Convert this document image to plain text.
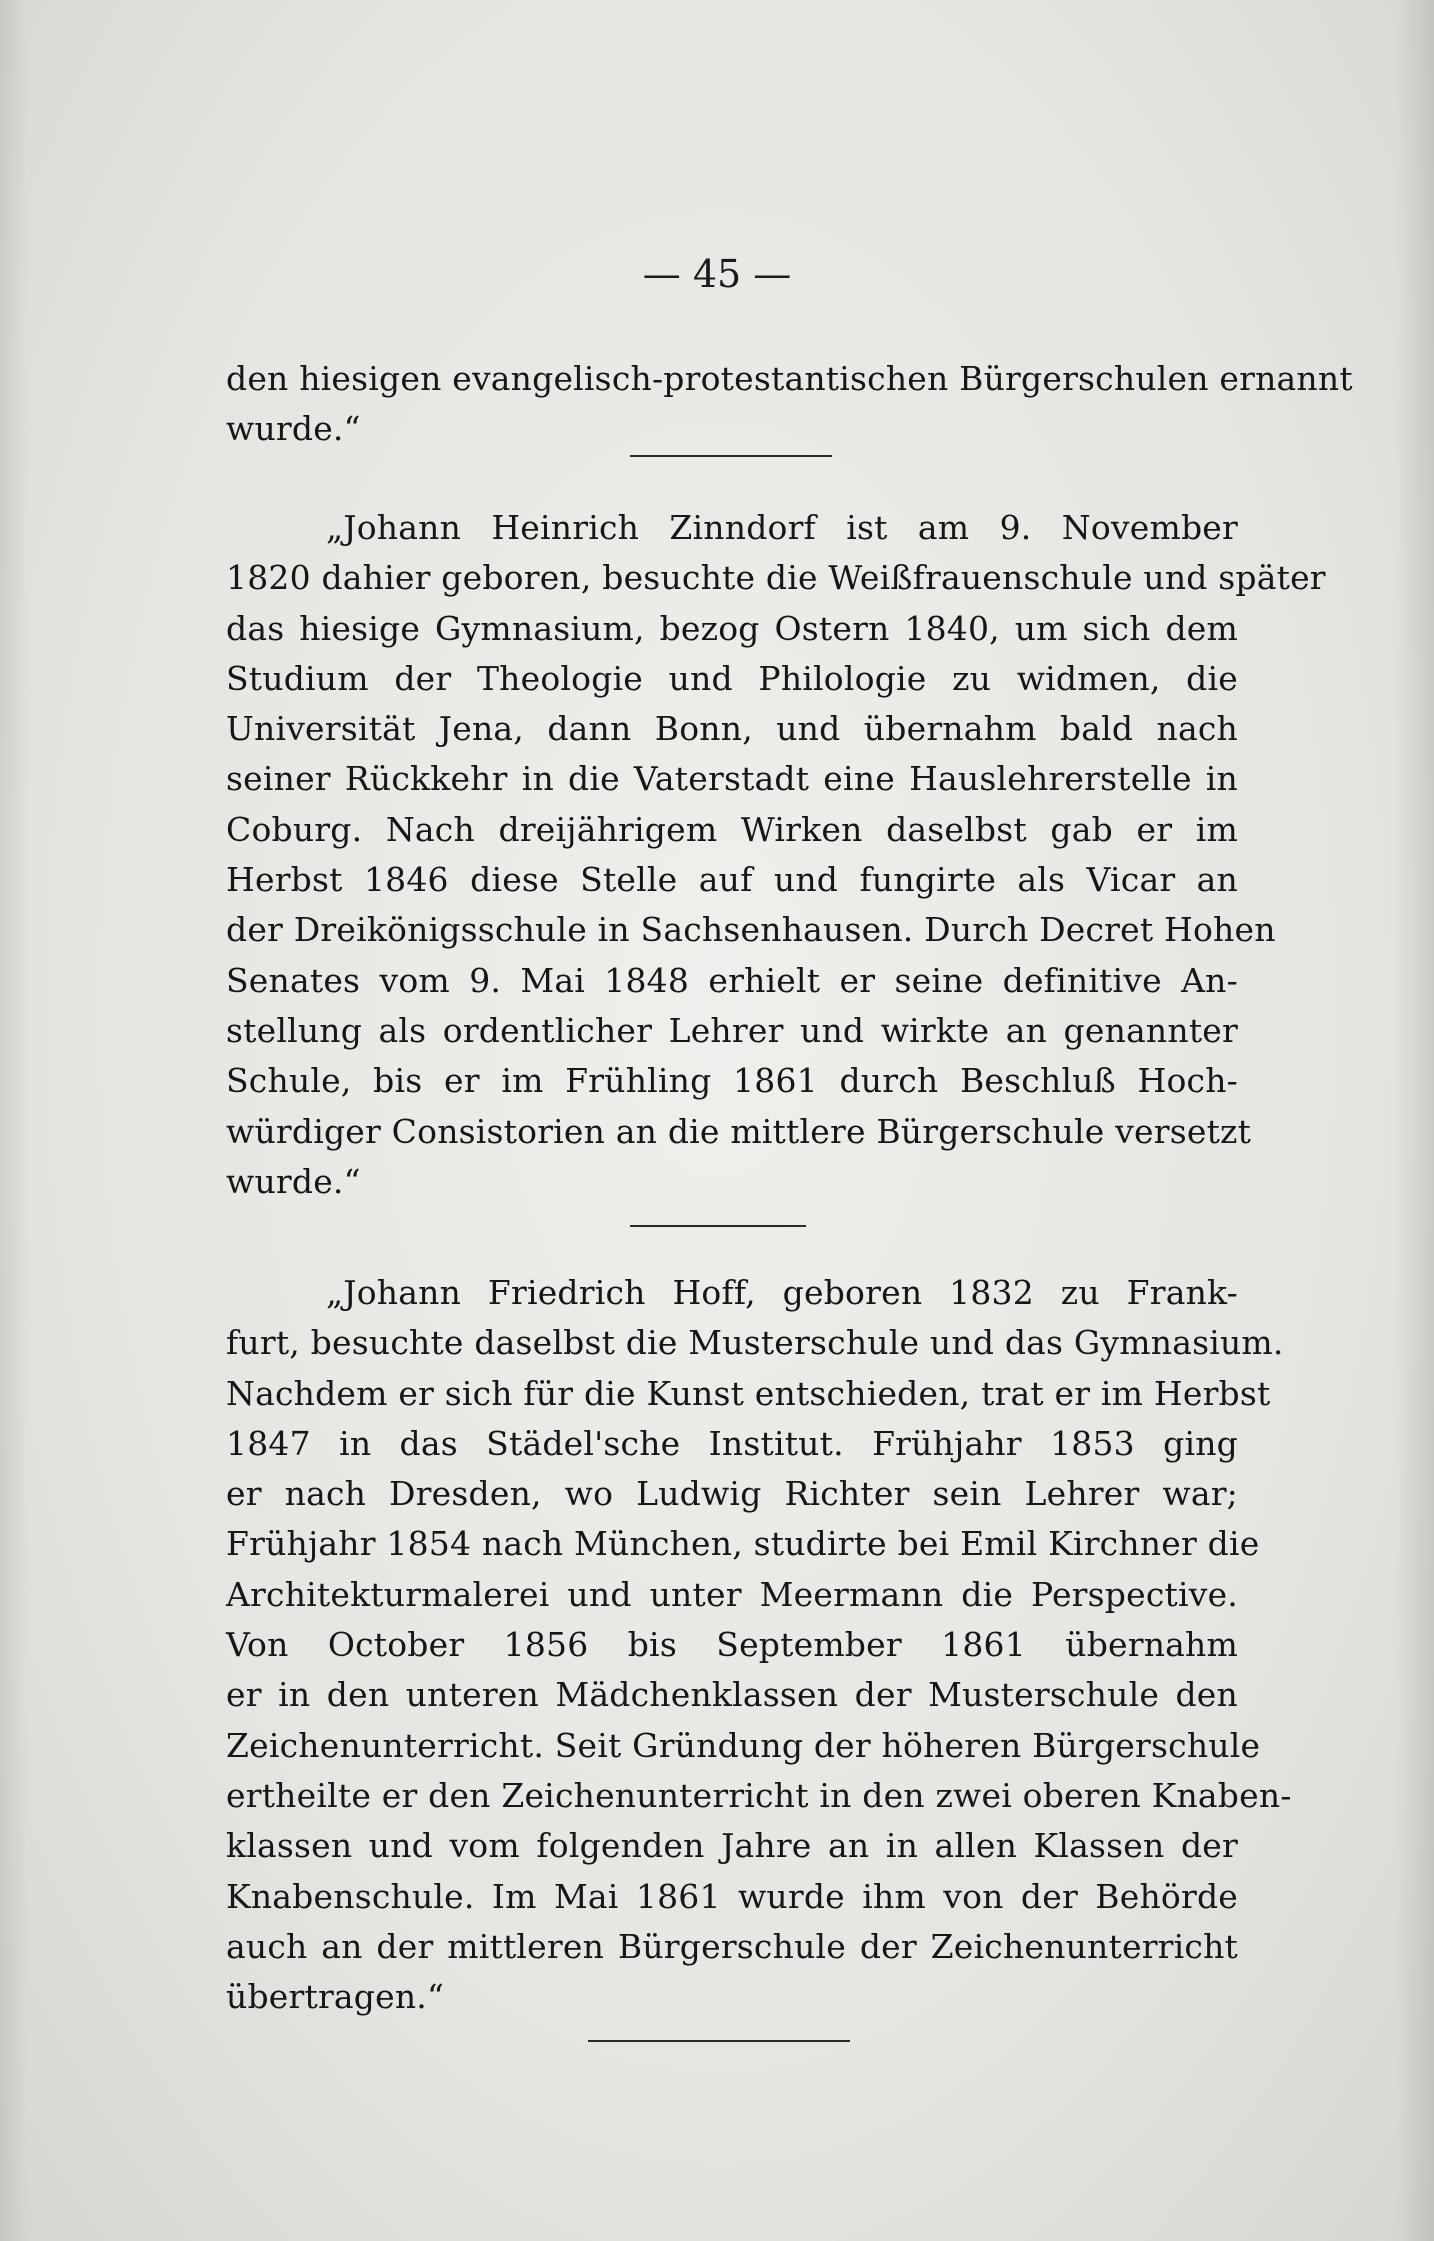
— 45 —
den hiesigen evangelisch-protestantischen Bürgerschulen ernannt
wurde.“
„Johann Heinrich Zinndorf ist am 9. November
1820 dahier geboren, besuchte die Weißfrauenschule und später
das hiesige Gymnasium, bezog Ostern 1840, um sich dem
Studium der Theologie und Philologie zu widmen, die
Universität Jena, dann Bonn, und übernahm bald nach
seiner Rückkehr in die Vaterstadt eine Hauslehrerstelle in
Coburg. Nach dreijährigem Wirken daselbst gab er im
Herbst 1846 diese Stelle auf und fungirte als Vicar an
der Dreikönigsschule in Sachsenhausen. Durch Decret Hohen
Senates vom 9. Mai 1848 erhielt er seine definitive An-
stellung als ordentlicher Lehrer und wirkte an genannter
Schule, bis er im Frühling 1861 durch Beschluß Hoch-
würdiger Consistorien an die mittlere Bürgerschule versetzt
wurde.“
„Johann Friedrich Hoff, geboren 1832 zu Frank-
furt, besuchte daselbst die Musterschule und das Gymnasium.
Nachdem er sich für die Kunst entschieden, trat er im Herbst
1847 in das Städel'sche Institut. Frühjahr 1853 ging
er nach Dresden, wo Ludwig Richter sein Lehrer war;
Frühjahr 1854 nach München, studirte bei Emil Kirchner die
Architekturmalerei und unter Meermann die Perspective.
Von October 1856 bis September 1861 übernahm
er in den unteren Mädchenklassen der Musterschule den
Zeichenunterricht. Seit Gründung der höheren Bürgerschule
ertheilte er den Zeichenunterricht in den zwei oberen Knaben-
klassen und vom folgenden Jahre an in allen Klassen der
Knabenschule. Im Mai 1861 wurde ihm von der Behörde
auch an der mittleren Bürgerschule der Zeichenunterricht
übertragen.“
